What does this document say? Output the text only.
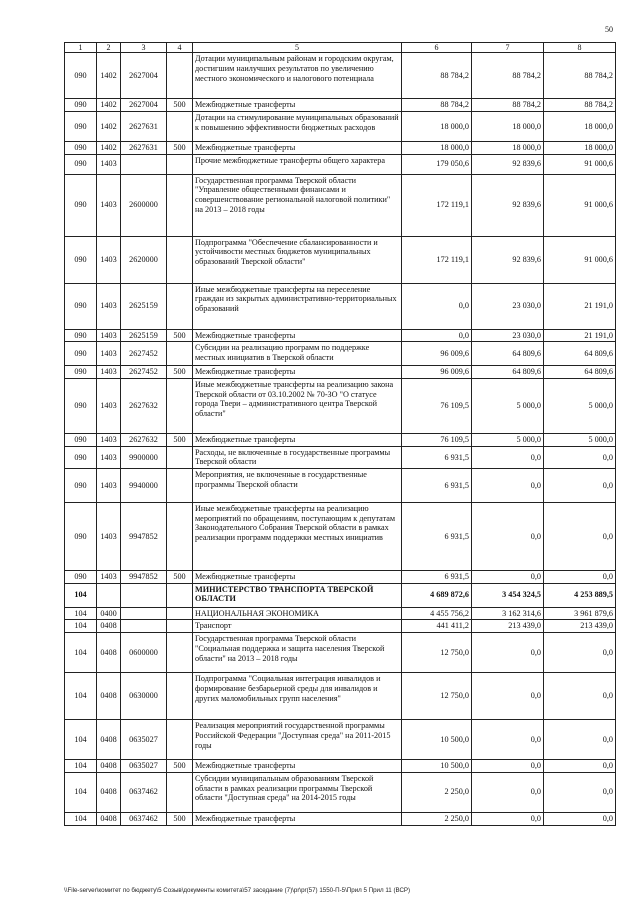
50
1	2	3	4	5	6	7	8
090	1402	2627004		Дотации муниципальным районам и городским округам, достигшим наилучших результатов по увеличению местного экономического и налогового потенциала	88 784,2	88 784,2	88 784,2
090	1402	2627004	500	Межбюджетные трансферты	88 784,2	88 784,2	88 784,2
090	1402	2627631		Дотации на стимулирование муниципальных образований к повышению эффективности бюджетных расходов	18 000,0	18 000,0	18 000,0
090	1402	2627631	500	Межбюджетные трансферты	18 000,0	18 000,0	18 000,0
090	1403			Прочие межбюджетные трансферты общего характера	179 050,6	92 839,6	91 000,6
090	1403	2600000		Государственная программа Тверской области "Управление общественными финансами и совершенствование региональной налоговой политики" на 2013 – 2018 годы	172 119,1	92 839,6	91 000,6
090	1403	2620000		Подпрограмма "Обеспечение сбалансированности и устойчивости местных бюджетов муниципальных образований Тверской области"	172 119,1	92 839,6	91 000,6
090	1403	2625159		Иные межбюджетные трансферты на переселение граждан из закрытых административно-территориальных образований	0,0	23 030,0	21 191,0
090	1403	2625159	500	Межбюджетные трансферты	0,0	23 030,0	21 191,0
090	1403	2627452		Субсидии на реализацию программ по поддержке местных инициатив в Тверской области	96 009,6	64 809,6	64 809,6
090	1403	2627452	500	Межбюджетные трансферты	96 009,6	64 809,6	64 809,6
090	1403	2627632		Иные межбюджетные трансферты на реализацию закона Тверской области от 03.10.2002 № 70-ЗО "О статусе города Твери – административного центра Тверской области"	76 109,5	5 000,0	5 000,0
090	1403	2627632	500	Межбюджетные трансферты	76 109,5	5 000,0	5 000,0
090	1403	9900000		Расходы, не включенные в государственные программы Тверской области	6 931,5	0,0	0,0
090	1403	9940000		Мероприятия, не включенные в государственные программы Тверской области	6 931,5	0,0	0,0
090	1403	9947852		Иные межбюджетные трансферты на реализацию мероприятий по обращениям, поступающим к депутатам Законодательного Собрания Тверской области в рамках реализации программ поддержки местных инициатив	6 931,5	0,0	0,0
090	1403	9947852	500	Межбюджетные трансферты	6 931,5	0,0	0,0
104				МИНИСТЕРСТВО ТРАНСПОРТА ТВЕРСКОЙ ОБЛАСТИ	4 689 872,6	3 454 324,5	4 253 889,5
104	0400			НАЦИОНАЛЬНАЯ ЭКОНОМИКА	4 455 756,2	3 162 314,6	3 961 879,6
104	0408			Транспорт	441 411,2	213 439,0	213 439,0
104	0408	0600000		Государственная программа Тверской области "Социальная поддержка и защита населения Тверской области" на 2013 – 2018 годы	12 750,0	0,0	0,0
104	0408	0630000		Подпрограмма "Социальная интеграция инвалидов и формирование безбарьерной среды для инвалидов и других маломобильных групп населения"	12 750,0	0,0	0,0
104	0408	0635027		Реализация мероприятий государственной программы Российской Федерации "Доступная среда" на 2011-2015 годы	10 500,0	0,0	0,0
104	0408	0635027	500	Межбюджетные трансферты	10 500,0	0,0	0,0
104	0408	0637462		Субсидии муниципальным образованиям Тверской области в рамках реализации программы Тверской области "Доступная среда" на 2014-2015 годы	2 250,0	0,0	0,0
104	0408	0637462	500	Межбюджетные трансферты	2 250,0	0,0	0,0
\\File-server\комитет по бюджету\5 Созыв\документы комитета\57 заседание (7)\pr\pr(57) 1550-П-5\Прил 5 Прил 11 (ВСР)
